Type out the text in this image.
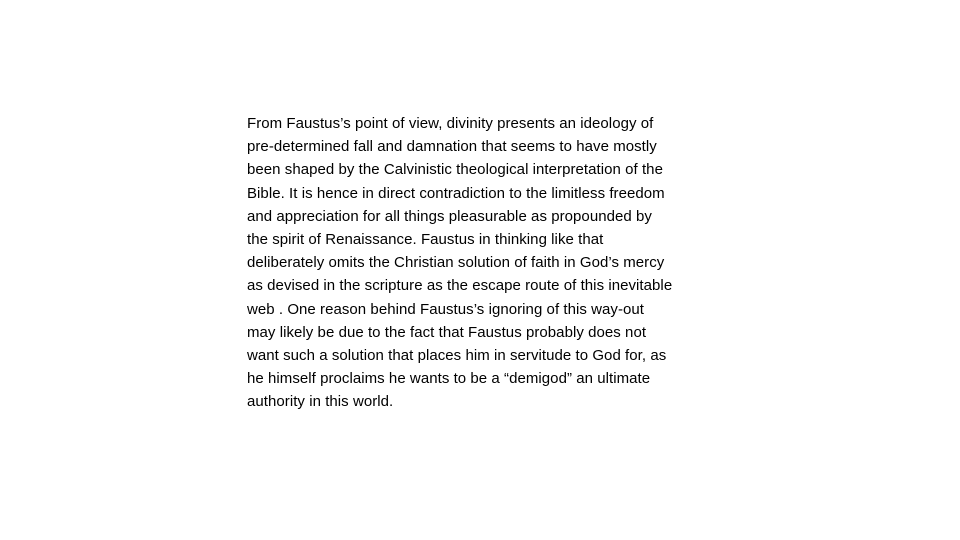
From Faustus’s point of view, divinity presents an ideology of
pre-determined fall and damnation that seems to have mostly
been shaped by the Calvinistic theological interpretation of the
Bible. It is hence in direct contradiction to the limitless freedom
and appreciation for all things pleasurable as propounded by
the spirit of Renaissance. Faustus in thinking like that
deliberately omits the Christian solution of faith in God’s mercy
as devised in the scripture as the escape route of this inevitable
web . One reason behind Faustus’s ignoring of this way-out
may likely be due to the fact that Faustus probably does not
want such a solution that places him in servitude to God for, as
he himself proclaims he wants to be a “demigod” an ultimate
authority in this world.
